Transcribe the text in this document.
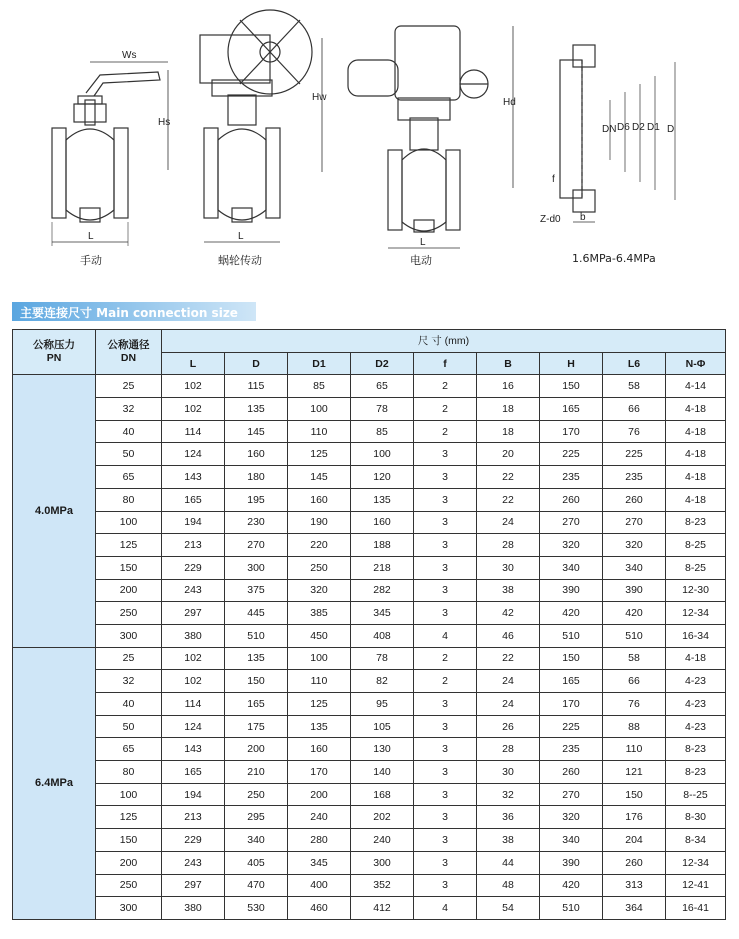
Ws
Hs
L
Hw
L
Hd
L
DN D6 D2 D1 D
Z-d0
f
b
手动	蜗轮传动	电动	1.6MPa-6.4MPa
主要连接尺寸 Main connection size
公称压力
PN	公称通径
DN	尺 寸 (mm)								
		L	D	D1	D2	f	B	H	L6	N-Φ
4.0MPa	25	102	115	85	65	2	16	150	58	4-14
	32	102	135	100	78	2	18	165	66	4-18
	40	114	145	110	85	2	18	170	76	4-18
	50	124	160	125	100	3	20	225	225	4-18
	65	143	180	145	120	3	22	235	235	4-18
	80	165	195	160	135	3	22	260	260	4-18
	100	194	230	190	160	3	24	270	270	8-23
	125	213	270	220	188	3	28	320	320	8-25
	150	229	300	250	218	3	30	340	340	8-25
	200	243	375	320	282	3	38	390	390	12-30
	250	297	445	385	345	3	42	420	420	12-34
	300	380	510	450	408	4	46	510	510	16-34
6.4MPa	25	102	135	100	78	2	22	150	58	4-18
	32	102	150	110	82	2	24	165	66	4-23
	40	114	165	125	95	3	24	170	76	4-23
	50	124	175	135	105	3	26	225	88	4-23
	65	143	200	160	130	3	28	235	110	8-23
	80	165	210	170	140	3	30	260	121	8-23
	100	194	250	200	168	3	32	270	150	8--25
	125	213	295	240	202	3	36	320	176	8-30
	150	229	340	280	240	3	38	340	204	8-34
	200	243	405	345	300	3	44	390	260	12-34
	250	297	470	400	352	3	48	420	313	12-41
	300	380	530	460	412	4	54	510	364	16-41
